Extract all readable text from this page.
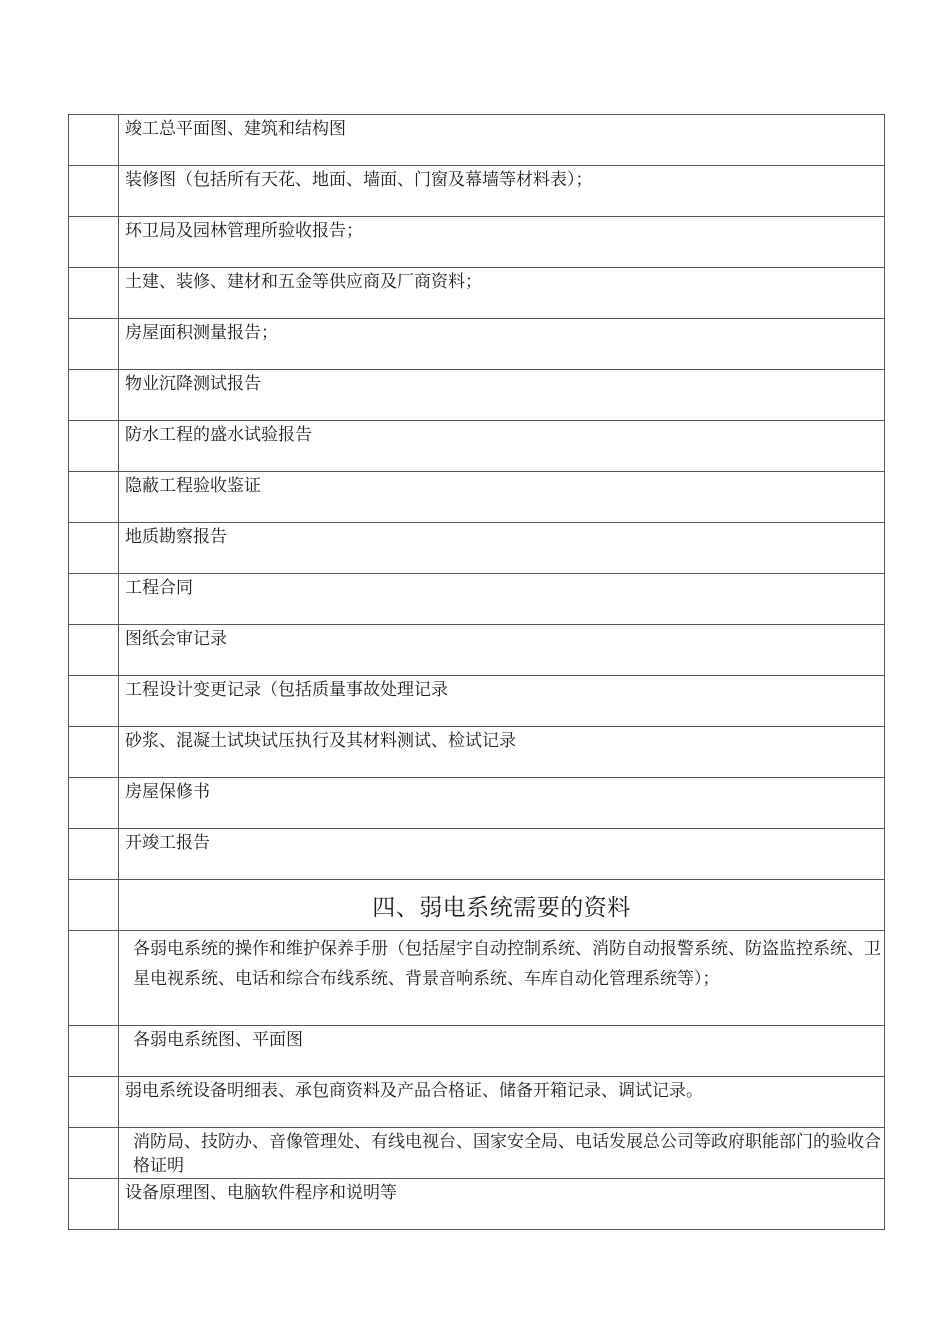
	竣工总平面图、建筑和结构图

	装修图（包括所有天花、地面、墙面、门窗及幕墙等材料表）；

	环卫局及园林管理所验收报告；

	土建、装修、建材和五金等供应商及厂商资料；

	房屋面积测量报告；

	物业沉降测试报告

	防水工程的盛水试验报告

	隐蔽工程验收鉴证

	地质勘察报告

	工程合同

	图纸会审记录

	工程设计变更记录（包括质量事故处理记录

	砂浆、混凝土试块试压执行及其材料测试、检试记录

	房屋保修书

	开竣工报告

	四、弱电系统需要的资料

	各弱电系统的操作和维护保养手册（包括屋宇自动控制系统、消防自动报警系统、防盗监控系统、卫星电视系统、电话和综合布线系统、背景音响系统、车库自动化管理系统等）；

	各弱电系统图、平面图

	弱电系统设备明细表、承包商资料及产品合格证、储备开箱记录、调试记录。

	消防局、技防办、音像管理处、有线电视台、国家安全局、电话发展总公司等政府职能部门的验收合格证明

	设备原理图、电脑软件程序和说明等
